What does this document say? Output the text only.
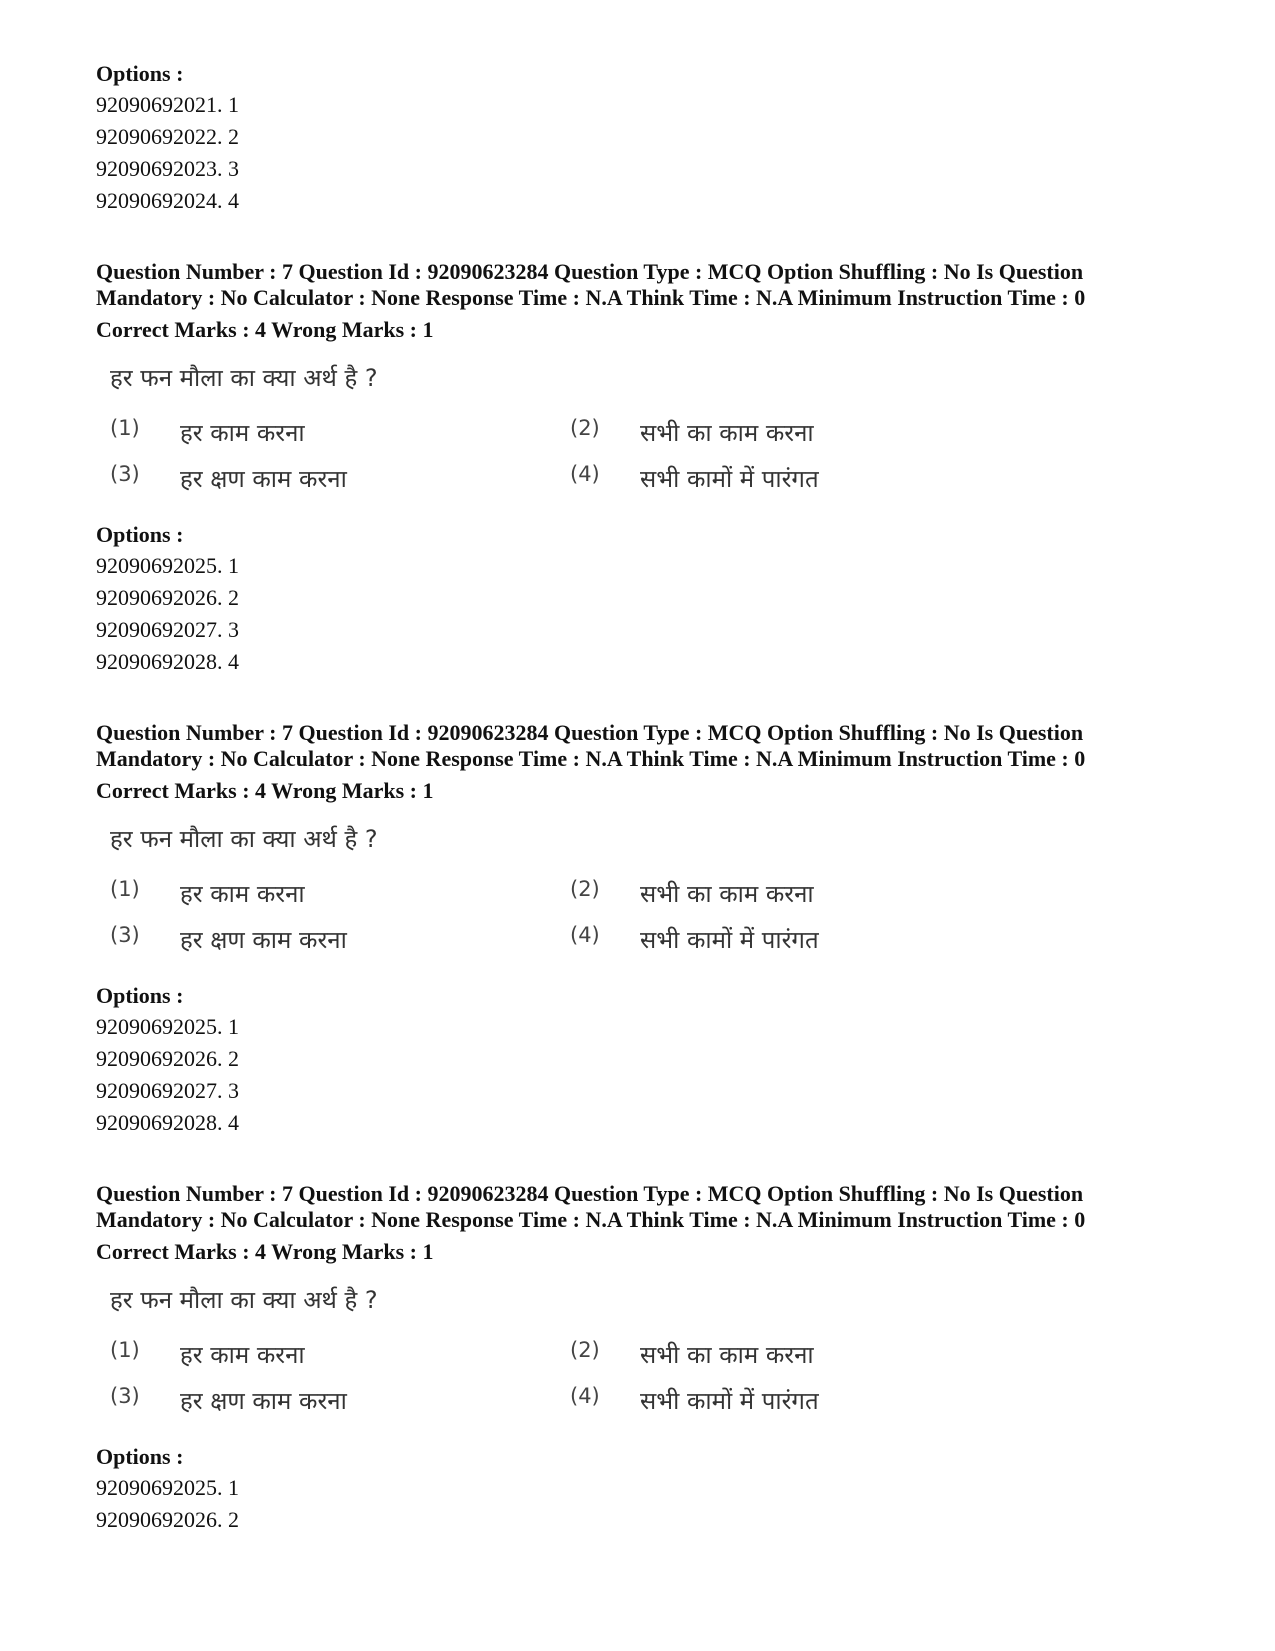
Options :

92090692021. 1

92090692022. 2

92090692023. 3

92090692024. 4

Question Number : 7 Question Id : 92090623284 Question Type : MCQ Option Shuffling : No Is Question

Mandatory : No Calculator : None Response Time : N.A Think Time : N.A Minimum Instruction Time : 0

Correct Marks : 4 Wrong Marks : 1

हर फन मौला का क्या अर्थ है ?

(1)	हर काम करना	(2)	सभी का काम करना
(3)	हर क्षण काम करना	(4)	सभी कामों में पारंगत

Options :

92090692025. 1

92090692026. 2

92090692027. 3

92090692028. 4

Question Number : 7 Question Id : 92090623284 Question Type : MCQ Option Shuffling : No Is Question

Mandatory : No Calculator : None Response Time : N.A Think Time : N.A Minimum Instruction Time : 0

Correct Marks : 4 Wrong Marks : 1

हर फन मौला का क्या अर्थ है ?

(1)	हर काम करना	(2)	सभी का काम करना
(3)	हर क्षण काम करना	(4)	सभी कामों में पारंगत

Options :

92090692025. 1

92090692026. 2

92090692027. 3

92090692028. 4

Question Number : 7 Question Id : 92090623284 Question Type : MCQ Option Shuffling : No Is Question

Mandatory : No Calculator : None Response Time : N.A Think Time : N.A Minimum Instruction Time : 0

Correct Marks : 4 Wrong Marks : 1

हर फन मौला का क्या अर्थ है ?

(1)	हर काम करना	(2)	सभी का काम करना
(3)	हर क्षण काम करना	(4)	सभी कामों में पारंगत

Options :

92090692025. 1

92090692026. 2
